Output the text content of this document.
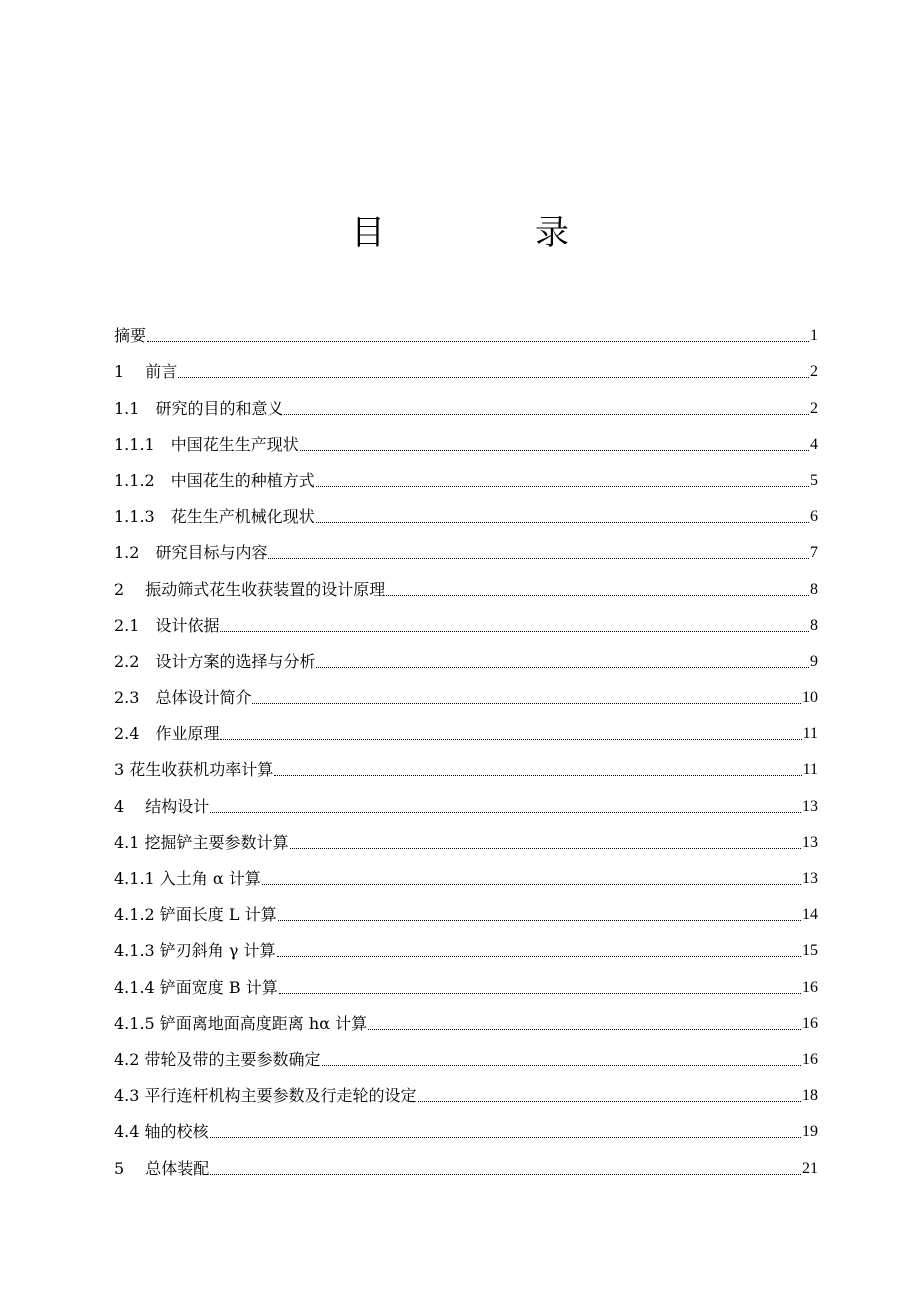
目　录
摘要	1
1　 前言	2
1.1　研究的目的和意义	2
1.1.1　中国花生生产现状	4
1.1.2　中国花生的种植方式	5
1.1.3　花生生产机械化现状	6
1.2　研究目标与内容	7
2　 振动筛式花生收获装置的设计原理	8
2.1　设计依据	8
2.2　设计方案的选择与分析	9
2.3　总体设计简介	10
2.4　作业原理	11
3 花生收获机功率计算	11
4　 结构设计	13
4.1 挖掘铲主要参数计算	13
4.1.1 入土角 α 计算	13
4.1.2 铲面长度 L 计算	14
4.1.3 铲刃斜角 γ 计算	15
4.1.4 铲面宽度 B 计算	16
4.1.5 铲面离地面高度距离 hα 计算	16
4.2 带轮及带的主要参数确定	16
4.3 平行连杆机构主要参数及行走轮的设定	18
4.4 轴的校核	19
5　 总体装配	21
